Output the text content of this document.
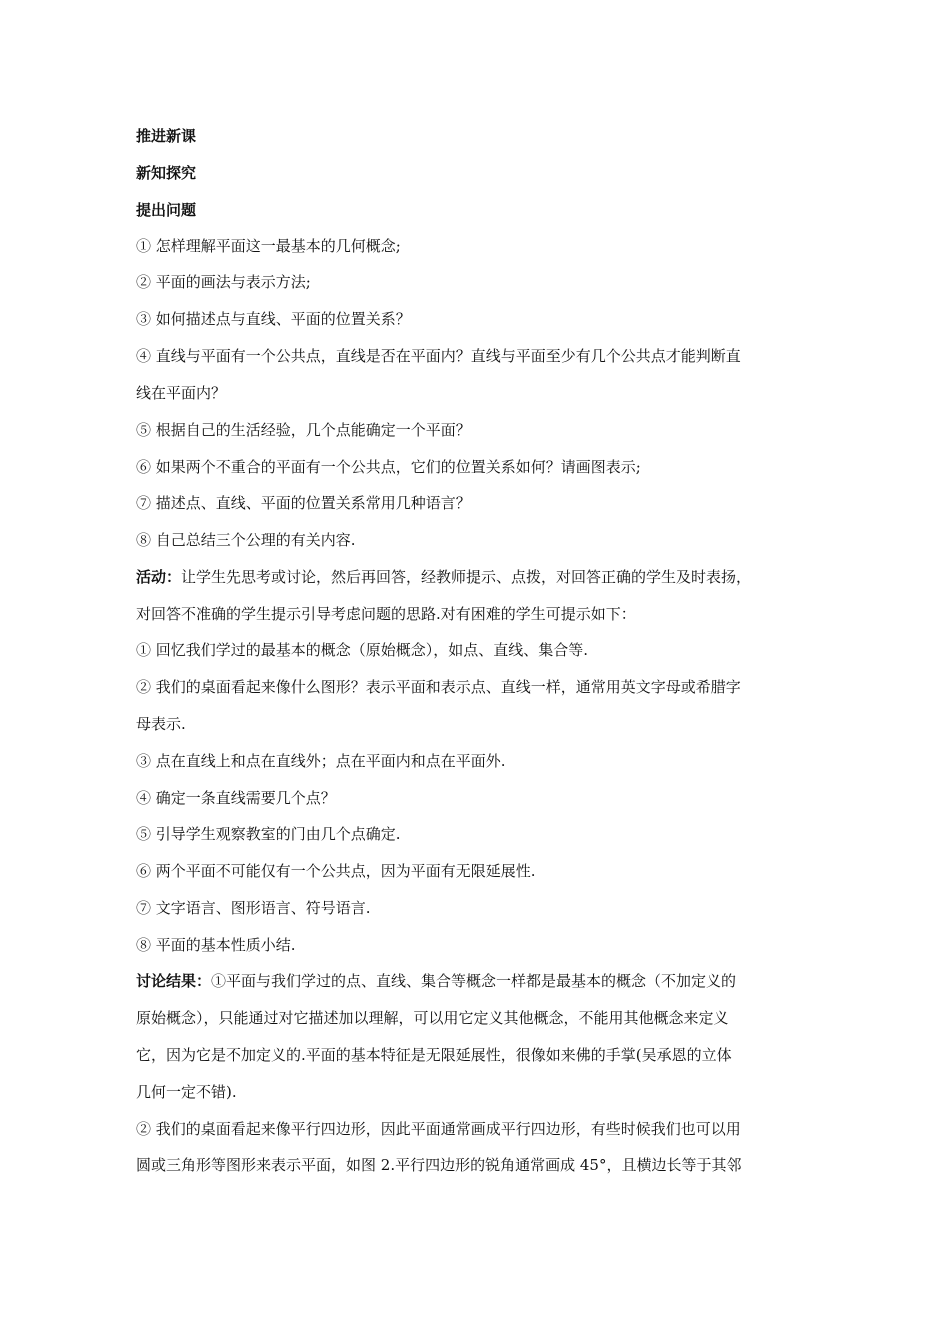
推进新课
新知探究
提出问题
① 怎样理解平面这一最基本的几何概念;
② 平面的画法与表示方法;
③ 如何描述点与直线、平面的位置关系？
④ 直线与平面有一个公共点，直线是否在平面内？直线与平面至少有几个公共点才能判断直
线在平面内？
⑤ 根据自己的生活经验，几个点能确定一个平面？
⑥ 如果两个不重合的平面有一个公共点，它们的位置关系如何？请画图表示;
⑦ 描述点、直线、平面的位置关系常用几种语言？
⑧ 自己总结三个公理的有关内容.
活动：让学生先思考或讨论，然后再回答，经教师提示、点拨，对回答正确的学生及时表扬，
对回答不准确的学生提示引导考虑问题的思路.对有困难的学生可提示如下：
① 回忆我们学过的最基本的概念（原始概念），如点、直线、集合等.
② 我们的桌面看起来像什么图形？表示平面和表示点、直线一样，通常用英文字母或希腊字
母表示.
③ 点在直线上和点在直线外；点在平面内和点在平面外.
④ 确定一条直线需要几个点？
⑤ 引导学生观察教室的门由几个点确定.
⑥ 两个平面不可能仅有一个公共点，因为平面有无限延展性.
⑦ 文字语言、图形语言、符号语言.
⑧ 平面的基本性质小结.
讨论结果：①平面与我们学过的点、直线、集合等概念一样都是最基本的概念（不加定义的
原始概念），只能通过对它描述加以理解，可以用它定义其他概念，不能用其他概念来定义
它，因为它是不加定义的.平面的基本特征是无限延展性，很像如来佛的手掌(吴承恩的立体
几何一定不错).
② 我们的桌面看起来像平行四边形，因此平面通常画成平行四边形，有些时候我们也可以用
圆或三角形等图形来表示平面，如图 2.平行四边形的锐角通常画成 45°，且横边长等于其邻
